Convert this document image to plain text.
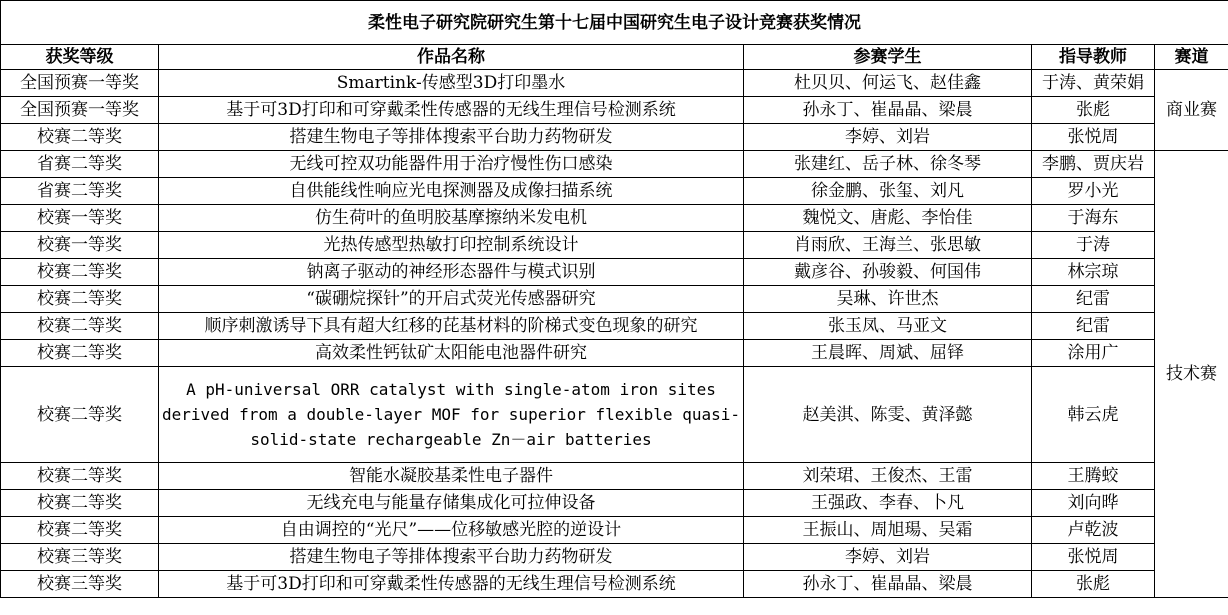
柔性电子研究院研究生第十七届中国研究生电子设计竞赛获奖情况				
获奖等级	作品名称	参赛学生	指导教师	赛道
全国预赛一等奖	Smartink-传感型3D打印墨水	杜贝贝、何运飞、赵佳鑫	于涛、黄荣娟	商业赛
全国预赛一等奖	基于可3D打印和可穿戴柔性传感器的无线生理信号检测系统	孙永丁、崔晶晶、梁晨	张彪	
校赛二等奖	搭建生物电子等排体搜索平台助力药物研发	李婷、刘岩	张悦周	
省赛二等奖	无线可控双功能器件用于治疗慢性伤口感染	张建红、岳子林、徐冬琴	李鹏、贾庆岩	技术赛
省赛二等奖	自供能线性响应光电探测器及成像扫描系统	徐金鹏、张玺、刘凡	罗小光	
校赛一等奖	仿生荷叶的鱼明胶基摩擦纳米发电机	魏悦文、唐彪、李怡佳	于海东	
校赛一等奖	光热传感型热敏打印控制系统设计	肖雨欣、王海兰、张思敏	于涛	
校赛二等奖	钠离子驱动的神经形态器件与模式识别	戴彦谷、孙骏毅、何国伟	林宗琼	
校赛二等奖	“碳硼烷探针”的开启式荧光传感器研究	吴琳、许世杰	纪雷	
校赛二等奖	顺序刺激诱导下具有超大红移的芘基材料的阶梯式变色现象的研究	张玉凤、马亚文	纪雷	
校赛二等奖	高效柔性钙钛矿太阳能电池器件研究	王晨晖、周斌、屈铎	涂用广	
校赛二等奖	A pH-universal ORR catalyst with single-atom iron sites derived from a double-layer MOF for superior flexible quasi-solid-state rechargeable Zn－air batteries	赵美淇、陈雯、黄泽懿	韩云虎	
校赛二等奖	智能水凝胶基柔性电子器件	刘荣珺、王俊杰、王雷	王腾蛟	
校赛二等奖	无线充电与能量存储集成化可拉伸设备	王强政、李春、卜凡	刘向晔	
校赛二等奖	自由调控的“光尺”——位移敏感光腔的逆设计	王振山、周旭瑒、吴霜	卢乾波	
校赛三等奖	搭建生物电子等排体搜索平台助力药物研发	李婷、刘岩	张悦周	
校赛三等奖	基于可3D打印和可穿戴柔性传感器的无线生理信号检测系统	孙永丁、崔晶晶、梁晨	张彪	
